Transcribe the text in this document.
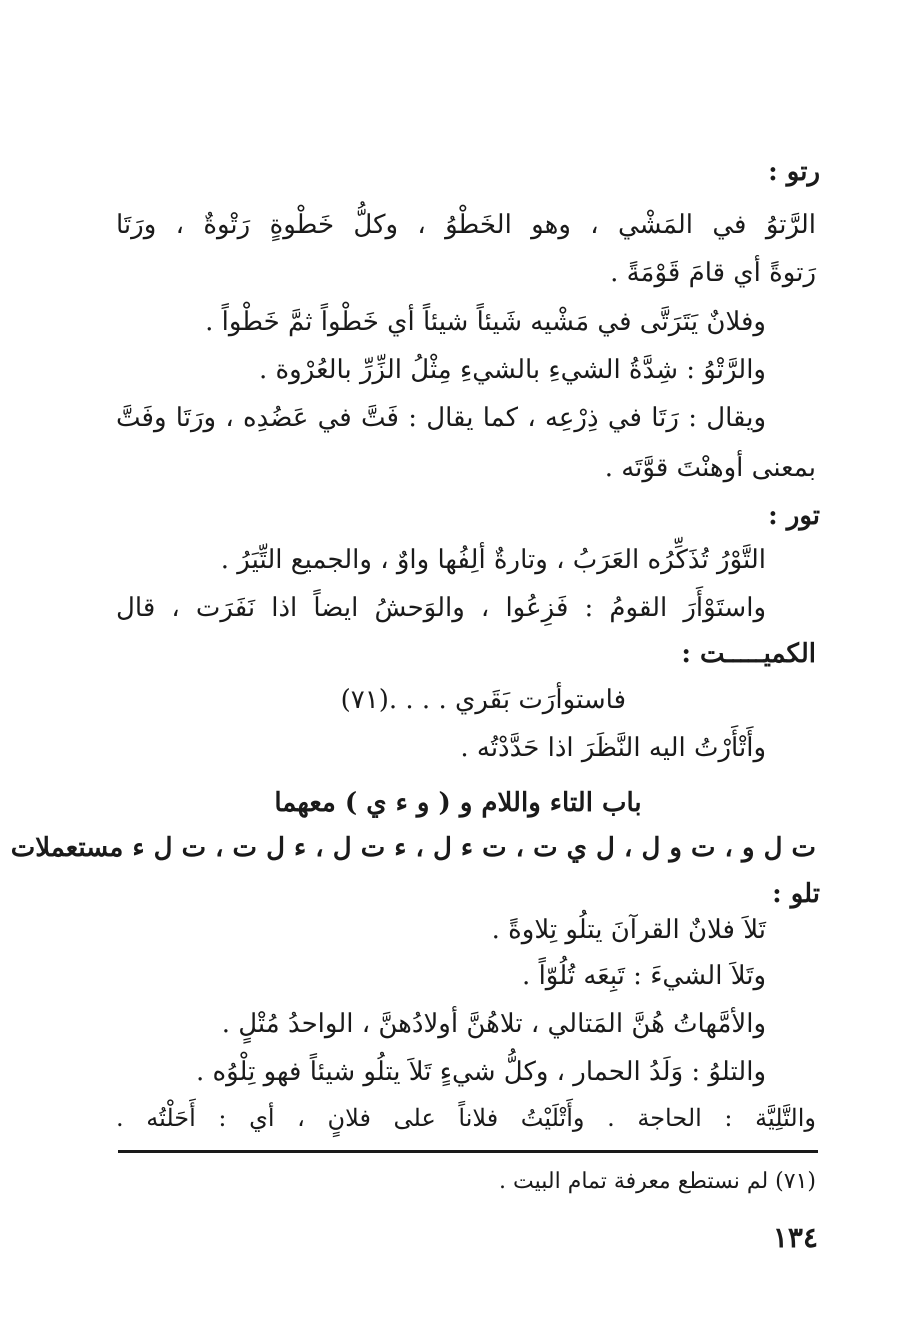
رتو :
الرَّتوُ في المَشْي ، وهو الخَطْوُ ، وكلُّ خَطْوةٍ رَتْوةٌ ، ورَتَا
رَتوةً أي قامَ قَوْمَةً .
وفلانٌ يَتَرَتَّى في مَشْيه شَيئاً شيئاً أي خَطْواً ثمَّ خَطْواً .
والرَّتْوُ : شِدَّةُ الشيءِ بالشيءِ مِثْلُ الزِّرِّ بالعُرْوة .
ويقال : رَتَا في ذِرْعِه ، كما يقال : فَتَّ في عَضُدِه ، ورَتَا وفَتَّ
بمعنى أوهنْتَ قوَّتَه .
تور :
التَّوْرُ تُذَكِّرُه العَرَبُ ، وتارةٌ ألِفُها واوٌ ، والجميع التِّيَرُ .
واستَوْأَرَ القومُ : فَزِعُوا ، والوَحشُ ايضاً اذا نَفَرَت ، قال
الكميـــــت :
فاستوأرَت بَقَري . . . .(٧١)
وأَتْأَرْتُ اليه النَّظَرَ اذا حَدَّدْتُه .
باب التاء واللام و ( و ء ي ) معهما
ت ل و ، ت و ل ، ل ي ت ، ت ء ل ، ء ت ل ، ء ل ت ، ت ل ء مستعملات
تلو :
تَلاَ فلانٌ القرآنَ يتلُو تِلاوةً .
وتَلاَ الشيءَ : تَبِعَه تُلُوّاً .
والأمَّهاتُ هُنَّ المَتالي ، تلاهُنَّ أولادُهنَّ ، الواحدُ مُتْلٍ .
والتلوُ : وَلَدُ الحمار ، وكلُّ شيءٍ تَلاَ يتلُو شيئاً فهو تِلْوُه .
والتَّلِيَّة : الحاجة . وأَتْلَيْتُ فلاناً على فلانٍ ، أي : أَحَلْتُه .
(٧١) لم نستطع معرفة تمام البيت .
١٣٤
